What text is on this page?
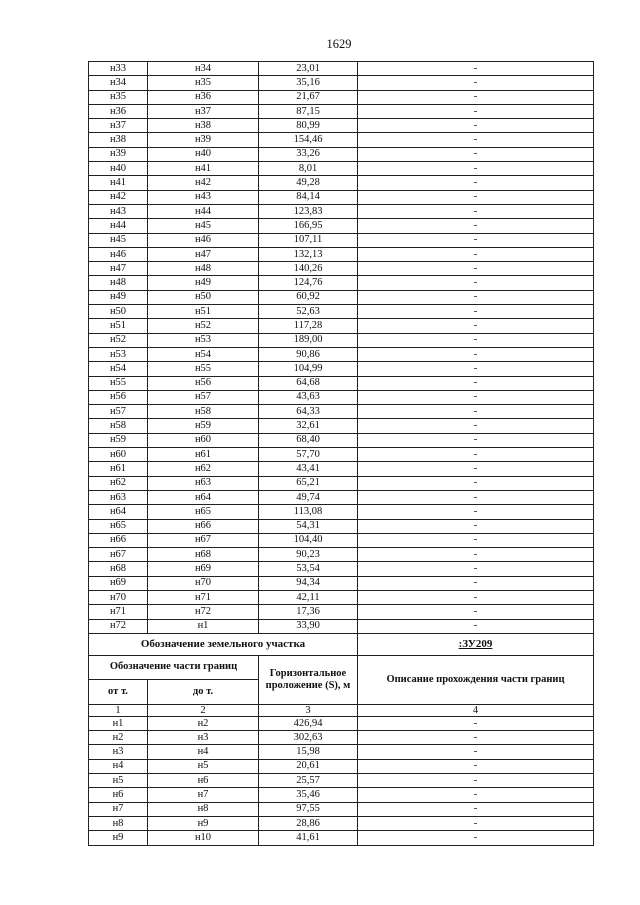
1629
н33	н34	23,01	-
н34	н35	35,16	-
н35	н36	21,67	-
н36	н37	87,15	-
н37	н38	80,99	-
н38	н39	154,46	-
н39	н40	33,26	-
н40	н41	8,01	-
н41	н42	49,28	-
н42	н43	84,14	-
н43	н44	123,83	-
н44	н45	166,95	-
н45	н46	107,11	-
н46	н47	132,13	-
н47	н48	140,26	-
н48	н49	124,76	-
н49	н50	60,92	-
н50	н51	52,63	-
н51	н52	117,28	-
н52	н53	189,00	-
н53	н54	90,86	-
н54	н55	104,99	-
н55	н56	64,68	-
н56	н57	43,63	-
н57	н58	64,33	-
н58	н59	32,61	-
н59	н60	68,40	-
н60	н61	57,70	-
н61	н62	43,41	-
н62	н63	65,21	-
н63	н64	49,74	-
н64	н65	113,08	-
н65	н66	54,31	-
н66	н67	104,40	-
н67	н68	90,23	-
н68	н69	53,54	-
н69	н70	94,34	-
н70	н71	42,11	-
н71	н72	17,36	-
н72	н1	33,90	-
Обозначение земельного участка			:ЗУ209
Обозначение части границ		Горизонтальное проложение (S), м	Описание прохождения части границ
от т.	до т.		
1	2	3	4
н1	н2	426,94	-
н2	н3	302,63	-
н3	н4	15,98	-
н4	н5	20,61	-
н5	н6	25,57	-
н6	н7	35,46	-
н7	н8	97,55	-
н8	н9	28,86	-
н9	н10	41,61	-
